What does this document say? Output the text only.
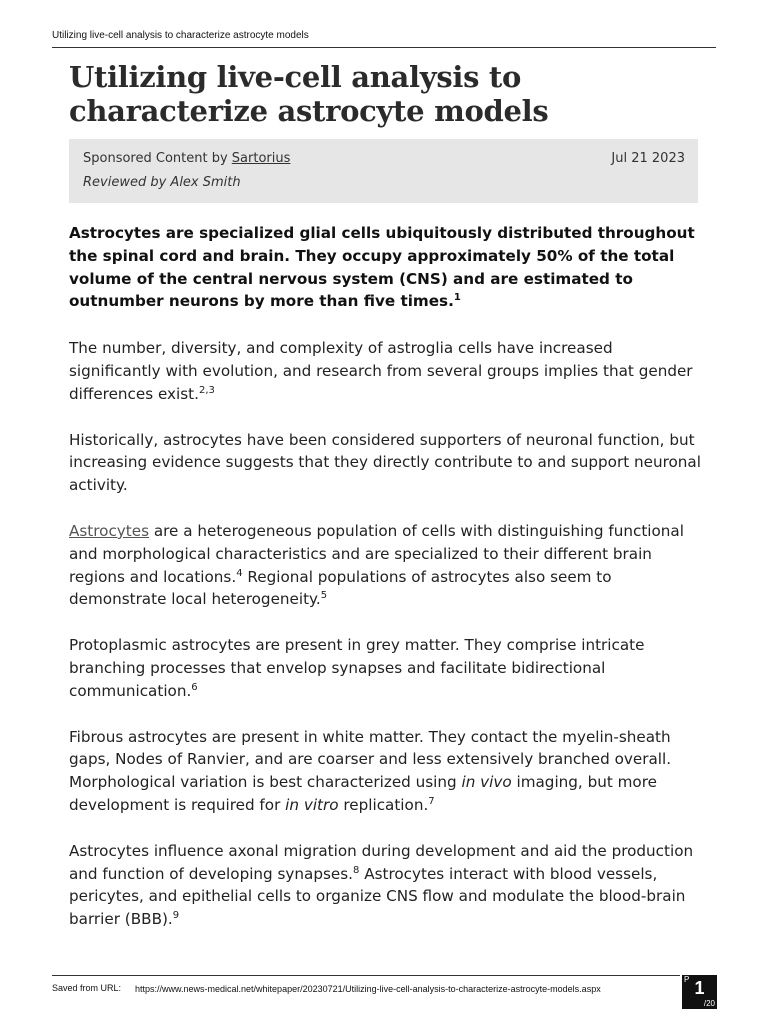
Utilizing live-cell analysis to characterize astrocyte models
Utilizing live-cell analysis to characterize astrocyte models
Sponsored Content by Sartorius	Jul 21 2023
Reviewed by Alex Smith

Astrocytes are specialized glial cells ubiquitously distributed throughout the spinal cord and brain. They occupy approximately 50% of the total volume of the central nervous system (CNS) and are estimated to outnumber neurons by more than five times.$^1$

The number, diversity, and complexity of astroglia cells have increased significantly with evolution, and research from several groups implies that gender differences exist.$^{2,3}$

Historically, astrocytes have been considered supporters of neuronal function, but increasing evidence suggests that they directly contribute to and support neuronal activity.

Astrocytes are a heterogeneous population of cells with distinguishing functional and morphological characteristics and are specialized to their different brain regions and locations.$^4$ Regional populations of astrocytes also seem to demonstrate local heterogeneity.$^5$

Protoplasmic astrocytes are present in grey matter. They comprise intricate branching processes that envelop synapses and facilitate bidirectional communication.$^6$

Fibrous astrocytes are present in white matter. They contact the myelin-sheath gaps, Nodes of Ranvier, and are coarser and less extensively branched overall. Morphological variation is best characterized using in vivo imaging, but more development is required for in vitro replication.$^7$

Astrocytes influence axonal migration during development and aid the production and function of developing synapses.$^8$ Astrocytes interact with blood vessels, pericytes, and epithelial cells to organize CNS flow and modulate the blood-brain barrier (BBB).$^9$

Saved from URL: https://www.news-medical.net/whitepaper/20230721/Utilizing-live-cell-analysis-to-characterize-astrocyte-models.aspx
P 1
/20
